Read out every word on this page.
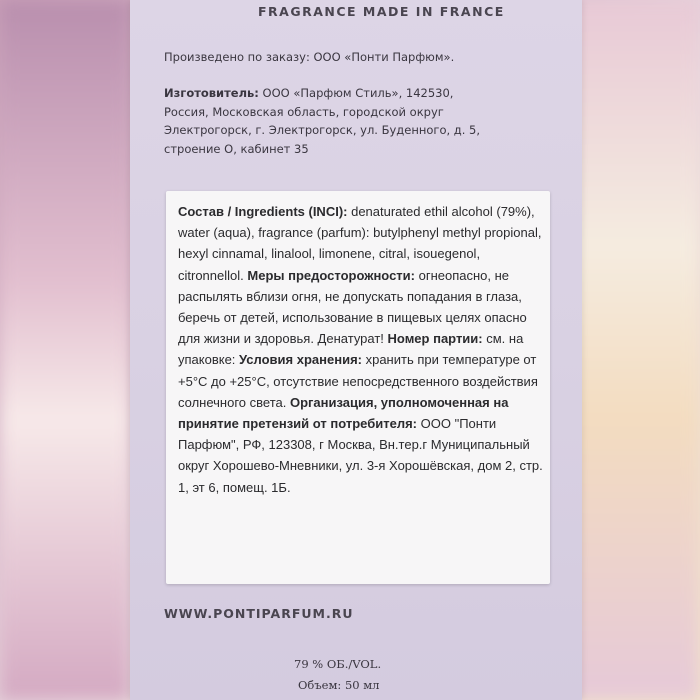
FRAGRANCE MADE IN FRANCE
Произведено по заказу: ООО «Понти Парфюм».
Изготовитель: ООО «Парфюм Стиль», 142530,
Россия, Московская область, городской округ
Электрогорск, г. Электрогорск, ул. Буденного, д. 5,
строение О, кабинет 35
WWW.PONTIPARFUM.RU
79 % ОБ./VOL.
Объем: 50 мл
Состав / Ingredients (INCI): denaturated ethil alcohol (79%), water (aqua), fragrance (parfum): butylphenyl methyl propional, hexyl cinnamal, linalool, limonene, citral, isouegenol, citronnellol. Меры предосторожности: огнеопасно, не распылять вблизи огня, не допускать попадания в глаза, беречь от детей, использование в пищевых целях опасно для жизни и здоровья. Денатурат! Номер партии: см. на упаковке: Условия хранения: хранить при температуре от +5°C до +25°C, отсутствие непосредственного воздействия солнечного света. Организация, уполномоченная на принятие претензий от потребителя: ООО "Понти Парфюм", РФ, 123308, г Москва, Вн.тер.г Муниципальный округ Хорошево-Мневники, ул. 3-я Хорошёвская, дом 2, стр. 1, эт 6, помещ. 1Б.
